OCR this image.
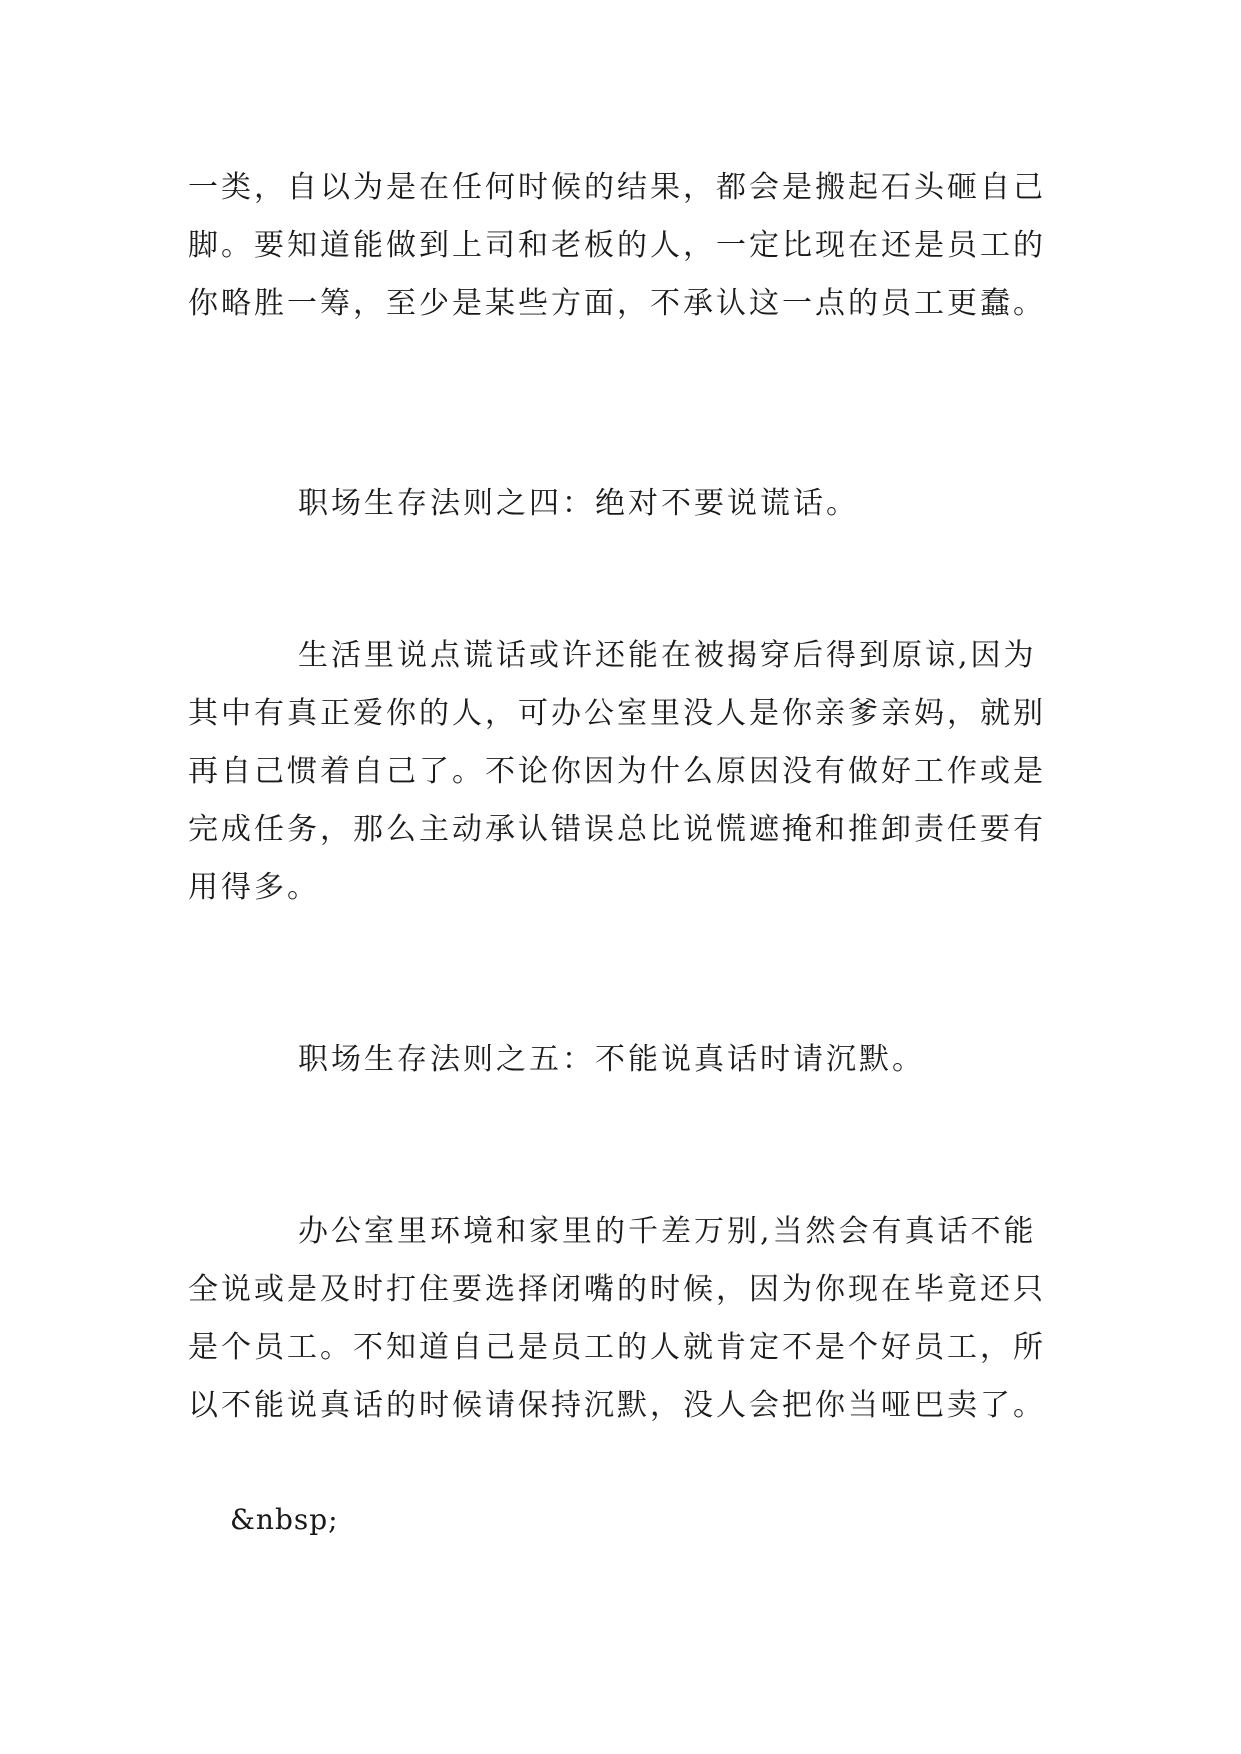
一类，自以为是在任何时候的结果，都会是搬起石头砸自己
脚。要知道能做到上司和老板的人，一定比现在还是员工的
你略胜一筹，至少是某些方面，不承认这一点的员工更蠢。
职场生存法则之四：绝对不要说谎话。
生活里说点谎话或许还能在被揭穿后得到原谅,因为
其中有真正爱你的人，可办公室里没人是你亲爹亲妈，就别
再自己惯着自己了。不论你因为什么原因没有做好工作或是
完成任务，那么主动承认错误总比说慌遮掩和推卸责任要有
用得多。
职场生存法则之五：不能说真话时请沉默。
办公室里环境和家里的千差万别,当然会有真话不能
全说或是及时打住要选择闭嘴的时候，因为你现在毕竟还只
是个员工。不知道自己是员工的人就肯定不是个好员工，所
以不能说真话的时候请保持沉默，没人会把你当哑巴卖了。
&nbsp;
